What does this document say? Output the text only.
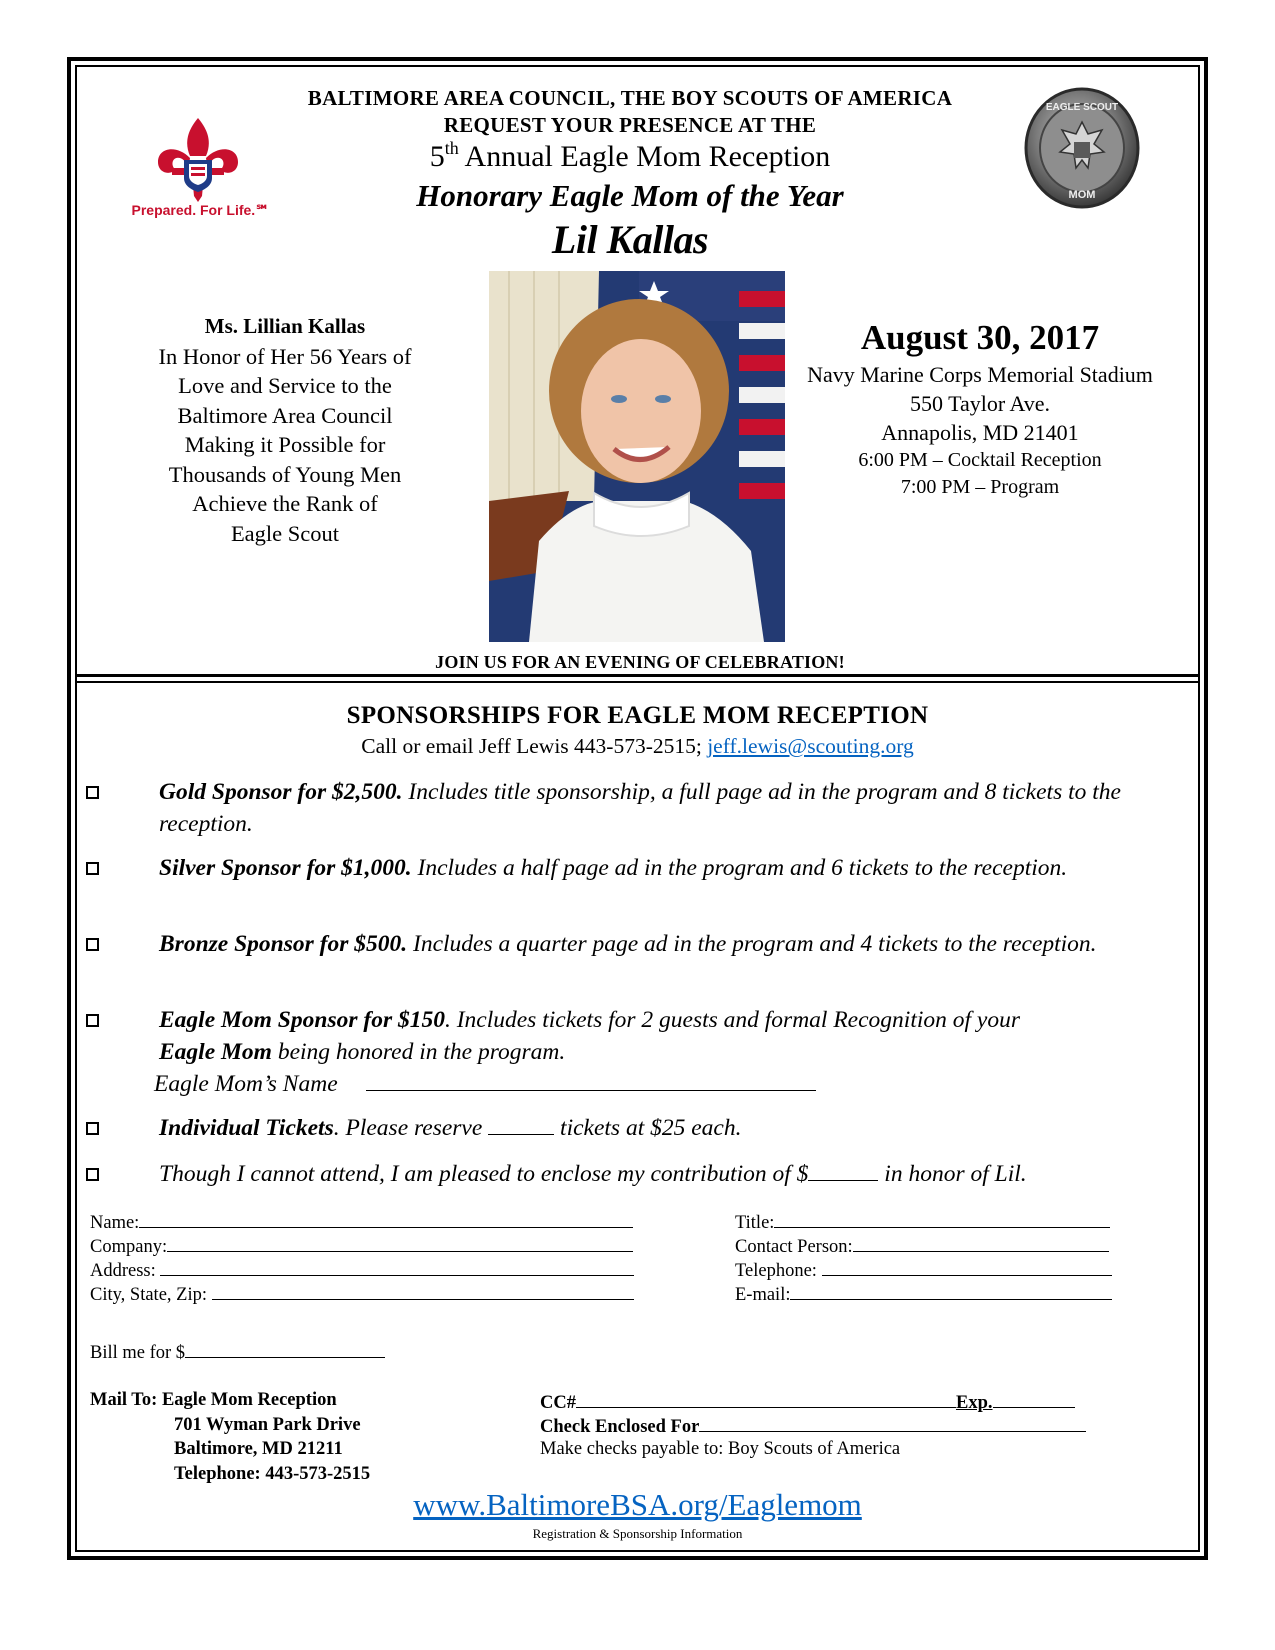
BALTIMORE AREA COUNCIL, THE BOY SCOUTS OF AMERICA
REQUEST YOUR PRESENCE AT THE
5th Annual Eagle Mom Reception
Honorary Eagle Mom of the Year
Lil Kallas
Prepared. For Life.℠
EAGLE SCOUT
MOM
Ms. Lillian Kallas
In Honor of Her 56 Years of
Love and Service to the
Baltimore Area Council
Making it Possible for
Thousands of Young Men
Achieve the Rank of
Eagle Scout
August 30, 2017
Navy Marine Corps Memorial Stadium
550 Taylor Ave.
Annapolis, MD 21401
6:00 PM – Cocktail Reception
7:00 PM – Program
JOIN US FOR AN EVENING OF CELEBRATION!
SPONSORSHIPS FOR EAGLE MOM RECEPTION
Call or email Jeff Lewis 443-573-2515; jeff.lewis@scouting.org
Gold Sponsor for $2,500. Includes title sponsorship, a full page ad in the program and 8 tickets to the reception.
Silver Sponsor for $1,000. Includes a half page ad in the program and 6 tickets to the reception.
Bronze Sponsor for $500. Includes a quarter page ad in the program and 4 tickets to the reception.
Eagle Mom Sponsor for $150. Includes tickets for 2 guests and formal Recognition of your
Eagle Mom being honored in the program.
Eagle Mom’s Name
Individual Tickets. Please reserve	tickets at $25 each.
Though I cannot attend, I am pleased to enclose my contribution of $	in honor of Lil.
Name:
Company:
Address:
City, State, Zip:
Title:
Contact Person:
Telephone:
E-mail:
Bill me for $
Mail To: Eagle Mom Reception
701 Wyman Park Drive
Baltimore, MD 21211
Telephone: 443-573-2515
CC#	Exp.
Check Enclosed For
Make checks payable to: Boy Scouts of America
www.BaltimoreBSA.org/Eaglemom
Registration & Sponsorship Information
